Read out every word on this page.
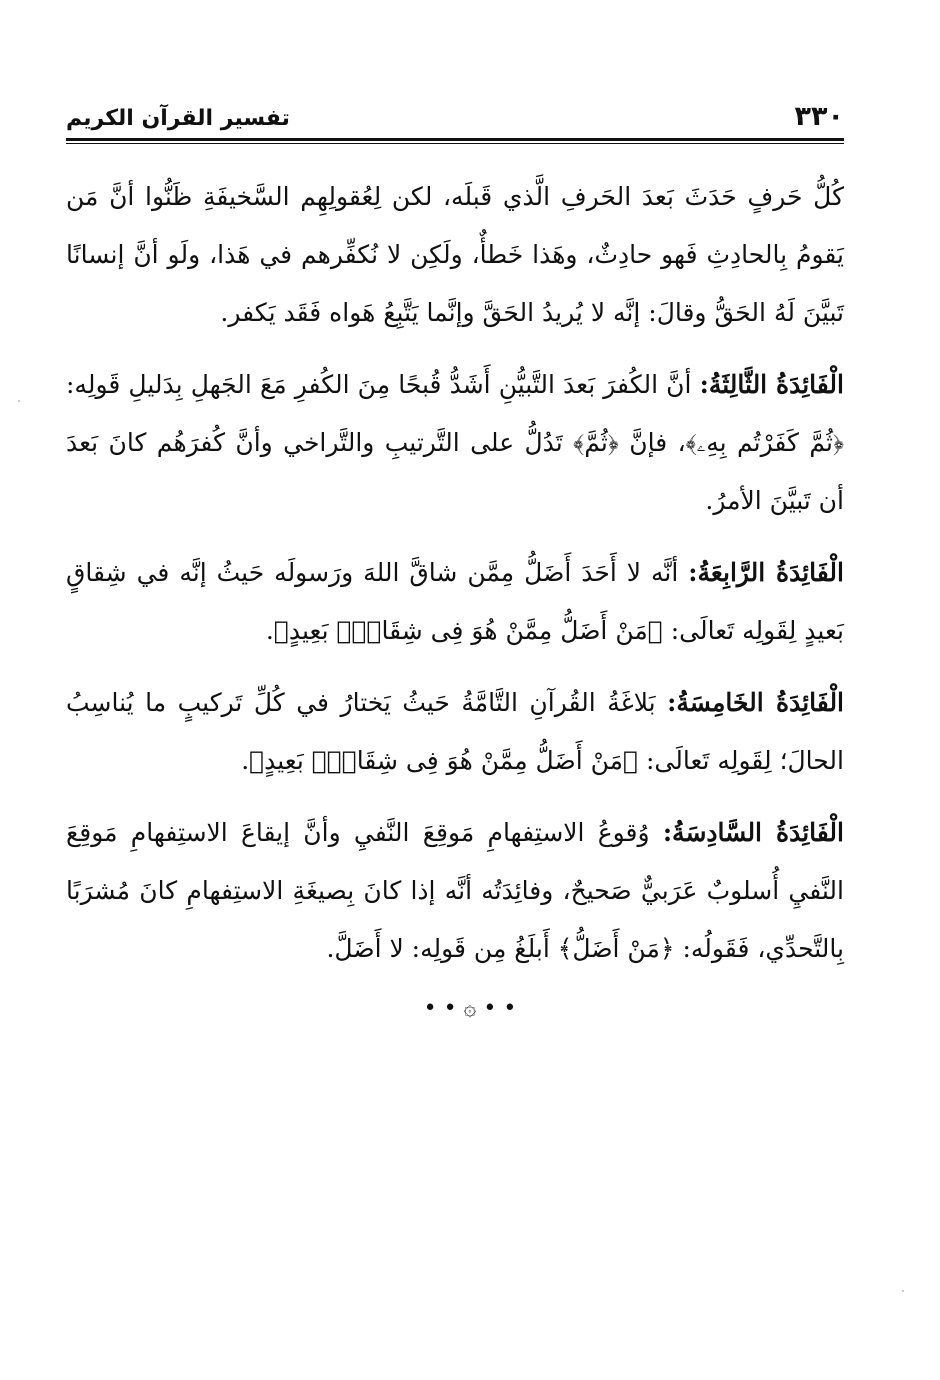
٣٣٠
تفسير القرآن الكريم

كُلُّ حَرفٍ حَدَثَ بَعدَ الحَرفِ الَّذي قَبلَه، لكن لِعُقولِهِم السَّخيفَةِ ظَنُّوا أنَّ مَن يَقومُ بِالحادِثِ فَهو حادِثٌ، وهَذا خَطأٌ، ولَكِن لا نُكفِّرهم في هَذا، ولَو أنَّ إنسانًا تَبيَّنَ لَهُ الحَقُّ وقالَ: إنَّه لا يُريدُ الحَقَّ وإنَّما يَتَّبِعُ هَواه فَقَد يَكفر.

الْفَائِدَةُ الثَّالِثَةُ: أنَّ الكُفرَ بَعدَ التَّبيُّنِ أَشَدُّ قُبحًا مِنَ الكُفرِ مَعَ الجَهلِ بِدَليلِ قَولِه: ﴿ثُمَّ كَفَرْتُم بِهِۦ﴾، فإنَّ ﴿ثُمَّ﴾ تَدُلُّ على التَّرتيبِ والتَّراخي وأنَّ كُفرَهُم كانَ بَعدَ أن تَبيَّنَ الأمرُ.

الْفَائِدَةُ الرَّابِعَةُ: أنَّه لا أَحَدَ أَضَلُّ مِمَّن شاقَّ اللهَ ورَسولَه حَيثُ إنَّه في شِقاقٍ بَعيدٍ لِقَولِه تَعالَى: ﴿مَنْ أَضَلُّ مِمَّنْ هُوَ فِى شِقَاقٍۭ بَعِيدٍ﴾.

الْفَائِدَةُ الخَامِسَةُ: بَلاغَةُ القُرآنِ التَّامَّةُ حَيثُ يَختارُ في كُلِّ تَركيبٍ ما يُناسِبُ الحالَ؛ لِقَولِه تَعالَى: ﴿مَنْ أَضَلُّ مِمَّنْ هُوَ فِى شِقَاقٍۭ بَعِيدٍ﴾.

الْفَائِدَةُ السَّادِسَةُ: وُقوعُ الاستِفهامِ مَوقِعَ النَّفيِ وأنَّ إيقاعَ الاستِفهامِ مَوقِعَ النَّفيِ أُسلوبٌ عَرَبيٌّ صَحيحٌ، وفائِدَتُه أنَّه إذا كانَ بِصيغَةِ الاستِفهامِ كانَ مُشرَبًا بِالتَّحدِّي، فَقَولُه: ﴿مَنْ أَضَلُّ﴾ أَبلَغُ مِن قَولِه: لا أَضَلَّ.

• • ۞ • •
